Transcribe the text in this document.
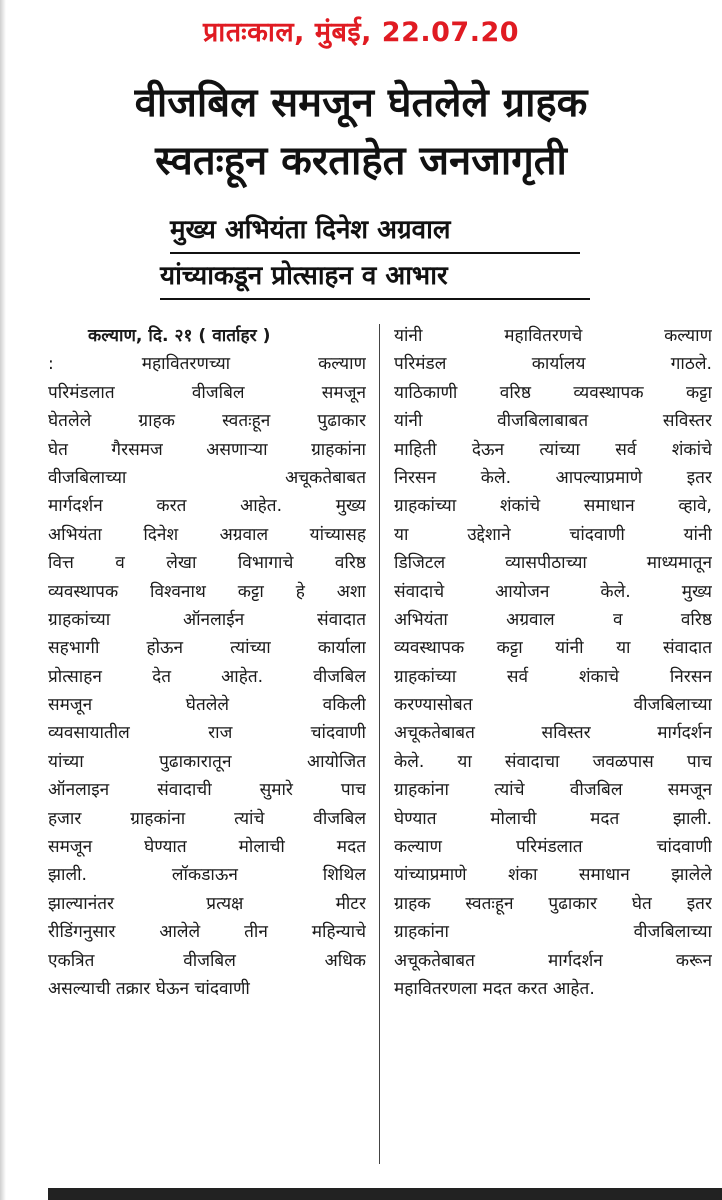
प्रातःकाल, मुंबई, 22.07.20
वीजबिल समजून घेतलेले ग्राहक
स्वतःहून करताहेत जनजागृती
मुख्य अभियंता दिनेश अग्रवाल
यांच्याकडून प्रोत्साहन व आभार
कल्याण, दि. २१ ( वार्ताहर )
: महावितरणच्या कल्याण
परिमंडलात वीजबिल समजून
घेतलेले ग्राहक स्वतःहून पुढाकार
घेत गैरसमज असणाऱ्या ग्राहकांना
वीजबिलाच्या अचूकतेबाबत
मार्गदर्शन करत आहेत. मुख्य
अभियंता दिनेश अग्रवाल यांच्यासह
वित्त व लेखा विभागाचे वरिष्ठ
व्यवस्थापक विश्वनाथ कट्टा हे अशा
ग्राहकांच्या ऑनलाईन संवादात
सहभागी होऊन त्यांच्या कार्याला
प्रोत्साहन देत आहेत. वीजबिल
समजून घेतलेले वकिली
व्यवसायातील राज चांदवाणी
यांच्या पुढाकारातून आयोजित
ऑनलाइन संवादाची सुमारे पाच
हजार ग्राहकांना त्यांचे वीजबिल
समजून घेण्यात मोलाची मदत
झाली. लॉकडाऊन शिथिल
झाल्यानंतर प्रत्यक्ष मीटर
रीडिंगनुसार आलेले तीन महिन्याचे
एकत्रित वीजबिल अधिक
असल्याची तक्रार घेऊन चांदवाणी
यांनी महावितरणचे कल्याण
परिमंडल कार्यालय गाठले.
याठिकाणी वरिष्ठ व्यवस्थापक कट्टा
यांनी वीजबिलाबाबत सविस्तर
माहिती देऊन त्यांच्या सर्व शंकांचे
निरसन केले. आपल्याप्रमाणे इतर
ग्राहकांच्या शंकांचे समाधान व्हावे,
या उद्देशाने चांदवाणी यांनी
डिजिटल व्यासपीठाच्या माध्यमातून
संवादाचे आयोजन केले. मुख्य
अभियंता अग्रवाल व वरिष्ठ
व्यवस्थापक कट्टा यांनी या संवादात
ग्राहकांच्या सर्व शंकाचे निरसन
करण्यासोबत वीजबिलाच्या
अचूकतेबाबत सविस्तर मार्गदर्शन
केले. या संवादाचा जवळपास पाच
ग्राहकांना त्यांचे वीजबिल समजून
घेण्यात मोलाची मदत झाली.
कल्याण परिमंडलात चांदवाणी
यांच्याप्रमाणे शंका समाधान झालेले
ग्राहक स्वतःहून पुढाकार घेत इतर
ग्राहकांना वीजबिलाच्या
अचूकतेबाबत मार्गदर्शन करून
महावितरणला मदत करत आहेत.
